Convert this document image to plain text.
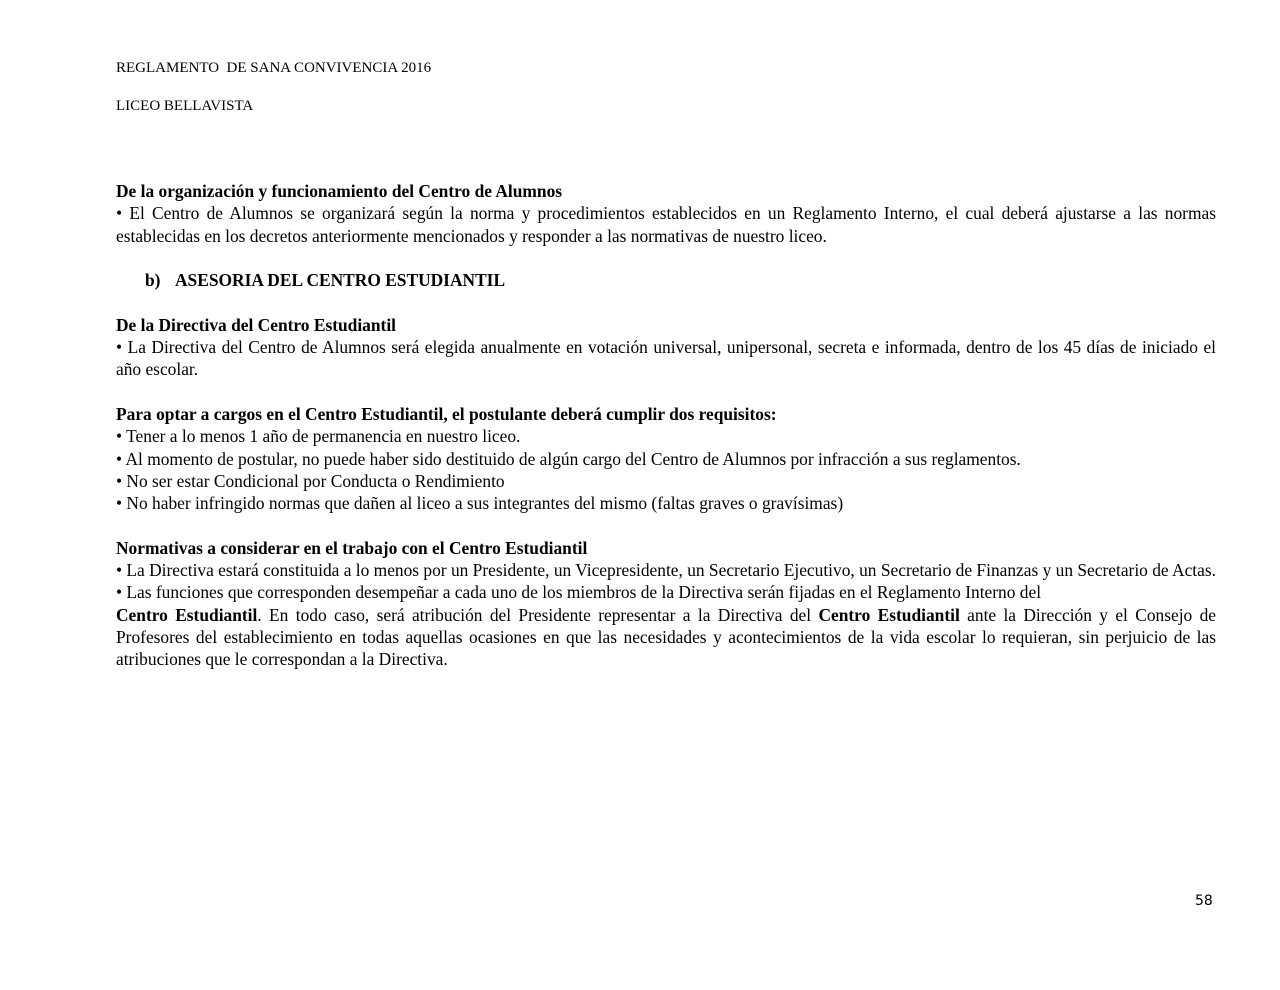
REGLAMENTO  DE SANA CONVIVENCIA 2016
LICEO BELLAVISTA
De la organización y funcionamiento del Centro de Alumnos
• El Centro de Alumnos se organizará según la norma y procedimientos establecidos en un Reglamento Interno, el cual deberá ajustarse a las normas establecidas en los decretos anteriormente mencionados y responder a las normativas de nuestro liceo.
b) ASESORIA DEL CENTRO ESTUDIANTIL
De la Directiva del Centro Estudiantil
• La Directiva del Centro de Alumnos será elegida anualmente en votación universal, unipersonal, secreta e informada, dentro de los 45 días de iniciado el año escolar.
Para optar a cargos en el Centro Estudiantil, el postulante deberá cumplir dos requisitos:
• Tener a lo menos 1 año de permanencia en nuestro liceo.
• Al momento de postular, no puede haber sido destituido de algún cargo del Centro de Alumnos por infracción a sus reglamentos.
• No ser estar Condicional por Conducta o Rendimiento
• No haber infringido normas que dañen al liceo a sus integrantes del mismo (faltas graves o gravísimas)
Normativas a considerar en el trabajo con el Centro Estudiantil
• La Directiva estará constituida a lo menos por un Presidente, un Vicepresidente, un Secretario Ejecutivo, un Secretario de Finanzas y un Secretario de Actas.
• Las funciones que corresponden desempeñar a cada uno de los miembros de la Directiva serán fijadas en el Reglamento Interno del
Centro Estudiantil. En todo caso, será atribución del Presidente representar a la Directiva del Centro Estudiantil ante la Dirección y el Consejo de Profesores del establecimiento en todas aquellas ocasiones en que las necesidades y acontecimientos de la vida escolar lo requieran, sin perjuicio de las atribuciones que le correspondan a la Directiva.
58
